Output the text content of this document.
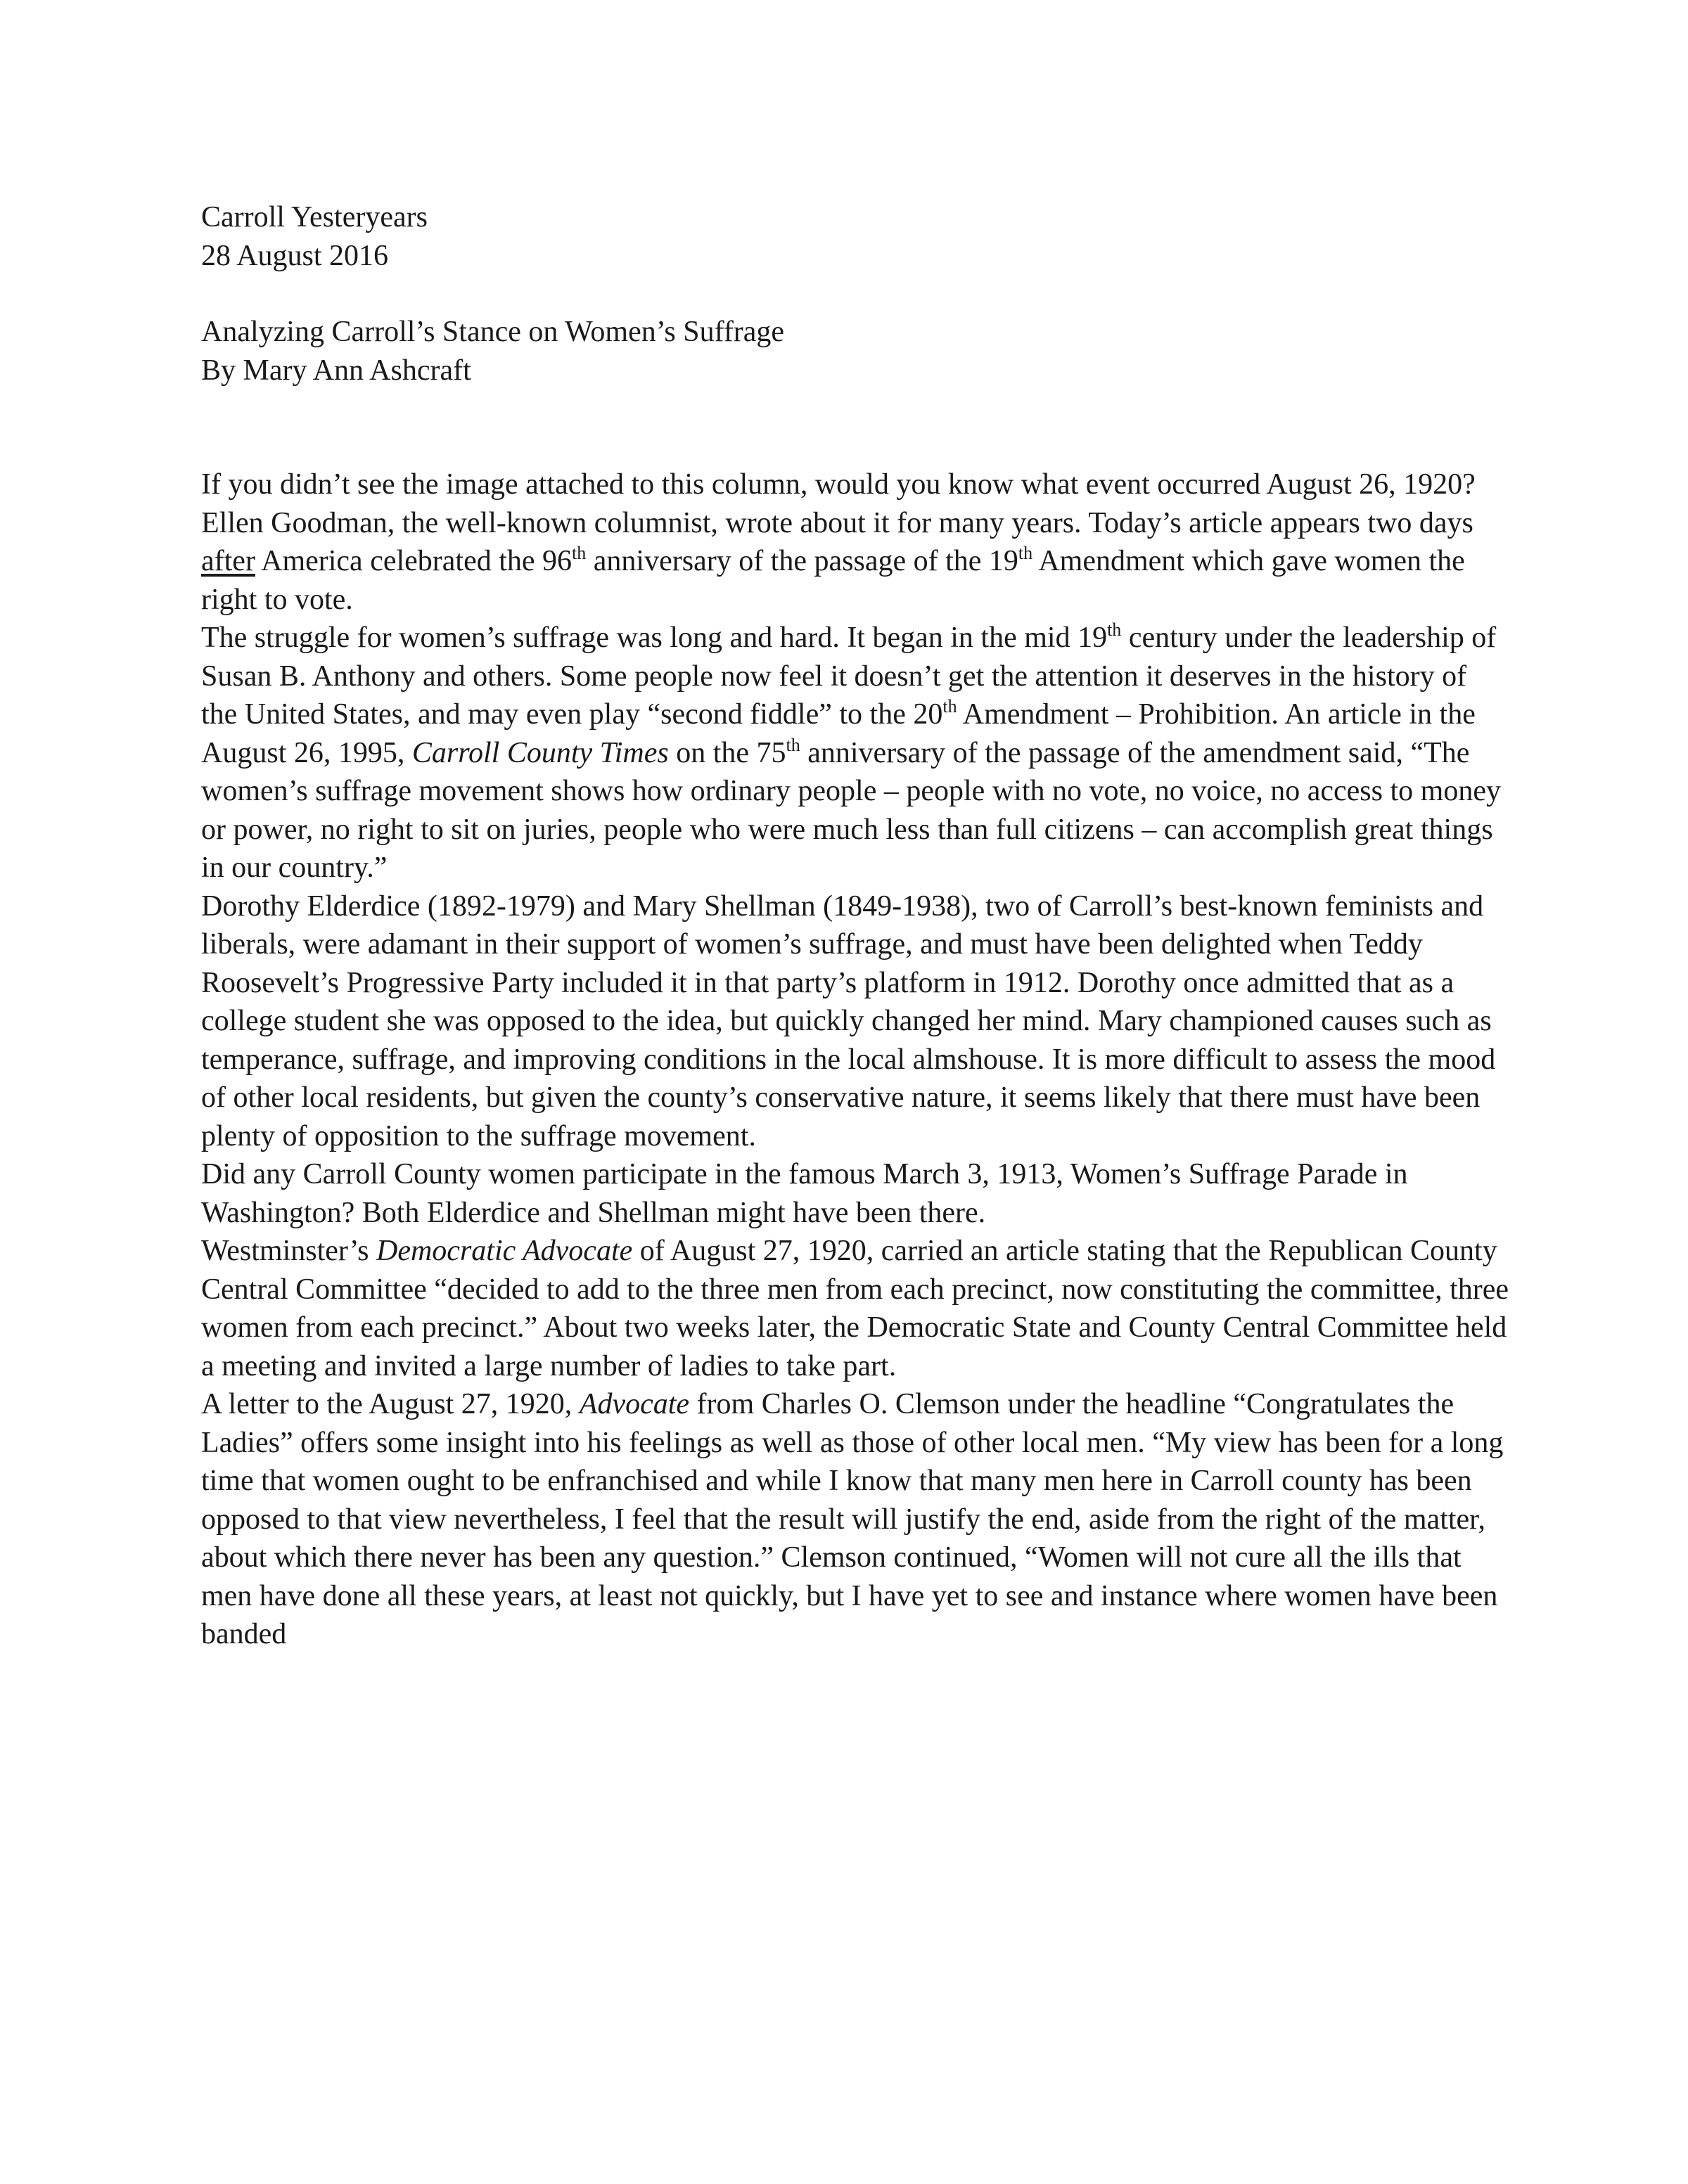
Carroll Yesteryears

28 August 2016

Analyzing Carroll’s Stance on Women’s Suffrage

By Mary Ann Ashcraft

If you didn’t see the image attached to this column, would you know what event occurred August 26, 1920? Ellen Goodman, the well-known columnist, wrote about it for many years. Today’s article appears two days after America celebrated the 96th anniversary of the passage of the 19th Amendment which gave women the right to vote.

The struggle for women’s suffrage was long and hard. It began in the mid 19th century under the leadership of Susan B. Anthony and others. Some people now feel it doesn’t get the attention it deserves in the history of the United States, and may even play “second fiddle” to the 20th Amendment – Prohibition. An article in the August 26, 1995, Carroll County Times on the 75th anniversary of the passage of the amendment said, “The women’s suffrage movement shows how ordinary people – people with no vote, no voice, no access to money or power, no right to sit on juries, people who were much less than full citizens – can accomplish great things in our country.”

Dorothy Elderdice (1892-1979) and Mary Shellman (1849-1938), two of Carroll’s best-known feminists and liberals, were adamant in their support of women’s suffrage, and must have been delighted when Teddy Roosevelt’s Progressive Party included it in that party’s platform in 1912. Dorothy once admitted that as a college student she was opposed to the idea, but quickly changed her mind. Mary championed causes such as temperance, suffrage, and improving conditions in the local almshouse. It is more difficult to assess the mood of other local residents, but given the county’s conservative nature, it seems likely that there must have been plenty of opposition to the suffrage movement.

Did any Carroll County women participate in the famous March 3, 1913, Women’s Suffrage Parade in Washington? Both Elderdice and Shellman might have been there.

Westminster’s Democratic Advocate of August 27, 1920, carried an article stating that the Republican County Central Committee “decided to add to the three men from each precinct, now constituting the committee, three women from each precinct.” About two weeks later, the Democratic State and County Central Committee held a meeting and invited a large number of ladies to take part.

A letter to the August 27, 1920, Advocate from Charles O. Clemson under the headline “Congratulates the Ladies” offers some insight into his feelings as well as those of other local men. “My view has been for a long time that women ought to be enfranchised and while I know that many men here in Carroll county has been opposed to that view nevertheless, I feel that the result will justify the end, aside from the right of the matter, about which there never has been any question.” Clemson continued, “Women will not cure all the ills that men have done all these years, at least not quickly, but I have yet to see and instance where women have been banded
